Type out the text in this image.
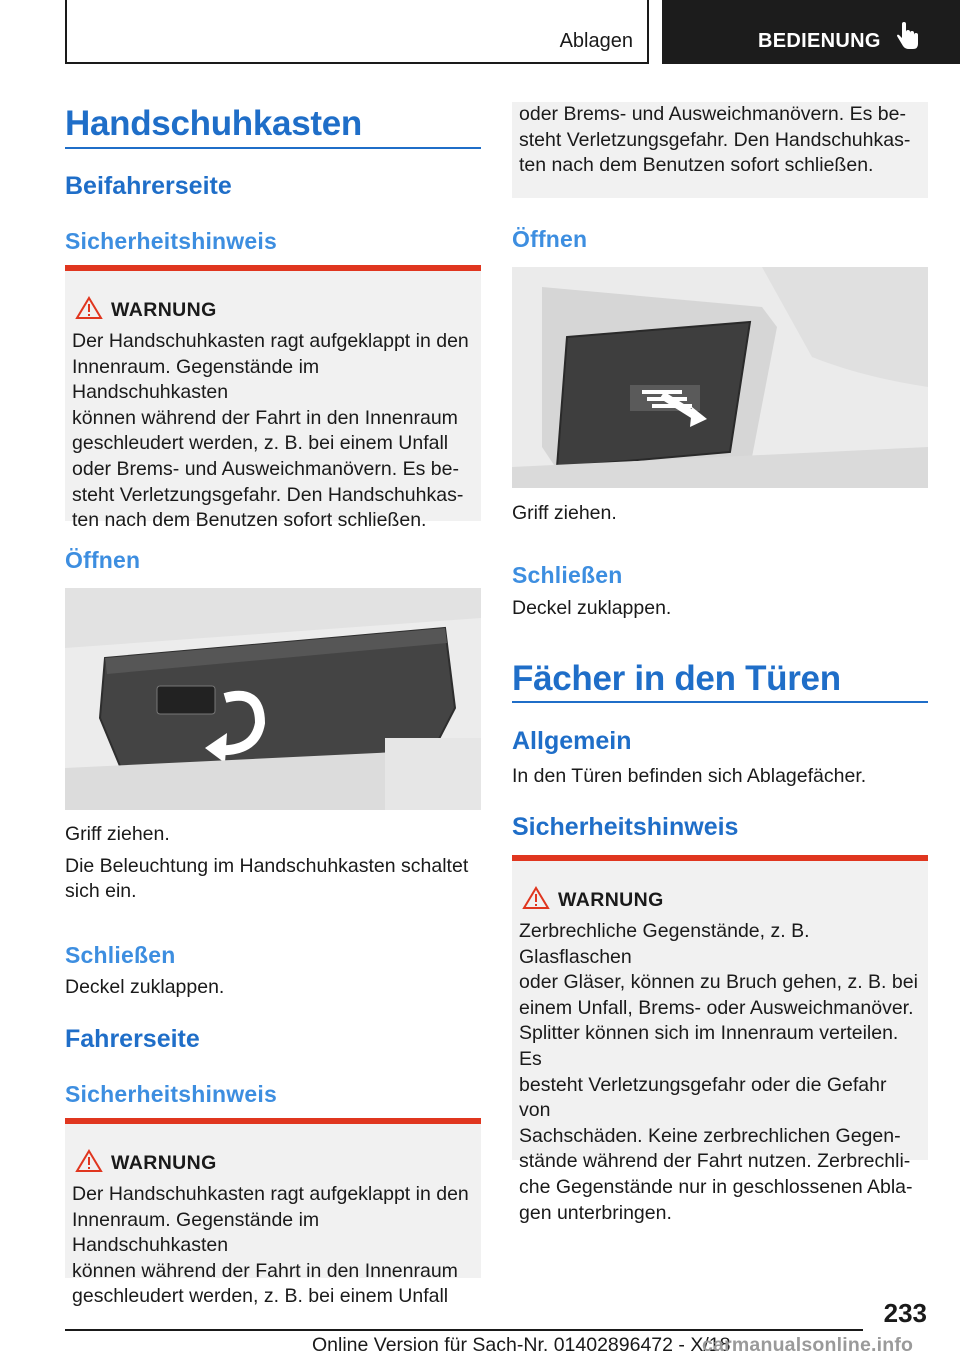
Ablagen	BEDIENUNG
Handschuhkasten
Beifahrerseite
Sicherheitshinweis
WARNUNG
Der Handschuhkasten ragt aufgeklappt in den
Innenraum. Gegenstände im Handschuhkasten
können während der Fahrt in den Innenraum
geschleudert werden, z. B. bei einem Unfall
oder Brems- und Ausweichmanövern. Es be-
steht Verletzungsgefahr. Den Handschuhkas-
ten nach dem Benutzen sofort schließen.
Öffnen
Griff ziehen.
Die Beleuchtung im Handschuhkasten schaltet
sich ein.
Schließen
Deckel zuklappen.
Fahrerseite
Sicherheitshinweis
WARNUNG
Der Handschuhkasten ragt aufgeklappt in den
Innenraum. Gegenstände im Handschuhkasten
können während der Fahrt in den Innenraum
geschleudert werden, z. B. bei einem Unfall
oder Brems- und Ausweichmanövern. Es be-
steht Verletzungsgefahr. Den Handschuhkas-
ten nach dem Benutzen sofort schließen.
Öffnen
Griff ziehen.
Schließen
Deckel zuklappen.
Fächer in den Türen
Allgemein
In den Türen befinden sich Ablagefächer.
Sicherheitshinweis
WARNUNG
Zerbrechliche Gegenstände, z. B. Glasflaschen
oder Gläser, können zu Bruch gehen, z. B. bei
einem Unfall, Brems- oder Ausweichmanöver.
Splitter können sich im Innenraum verteilen. Es
besteht Verletzungsgefahr oder die Gefahr von
Sachschäden. Keine zerbrechlichen Gegen-
stände während der Fahrt nutzen. Zerbrechli-
che Gegenstände nur in geschlossenen Abla-
gen unterbringen.
233
Online Version für Sach-Nr. 01402896472 - X/18
carmanualsonline.info
